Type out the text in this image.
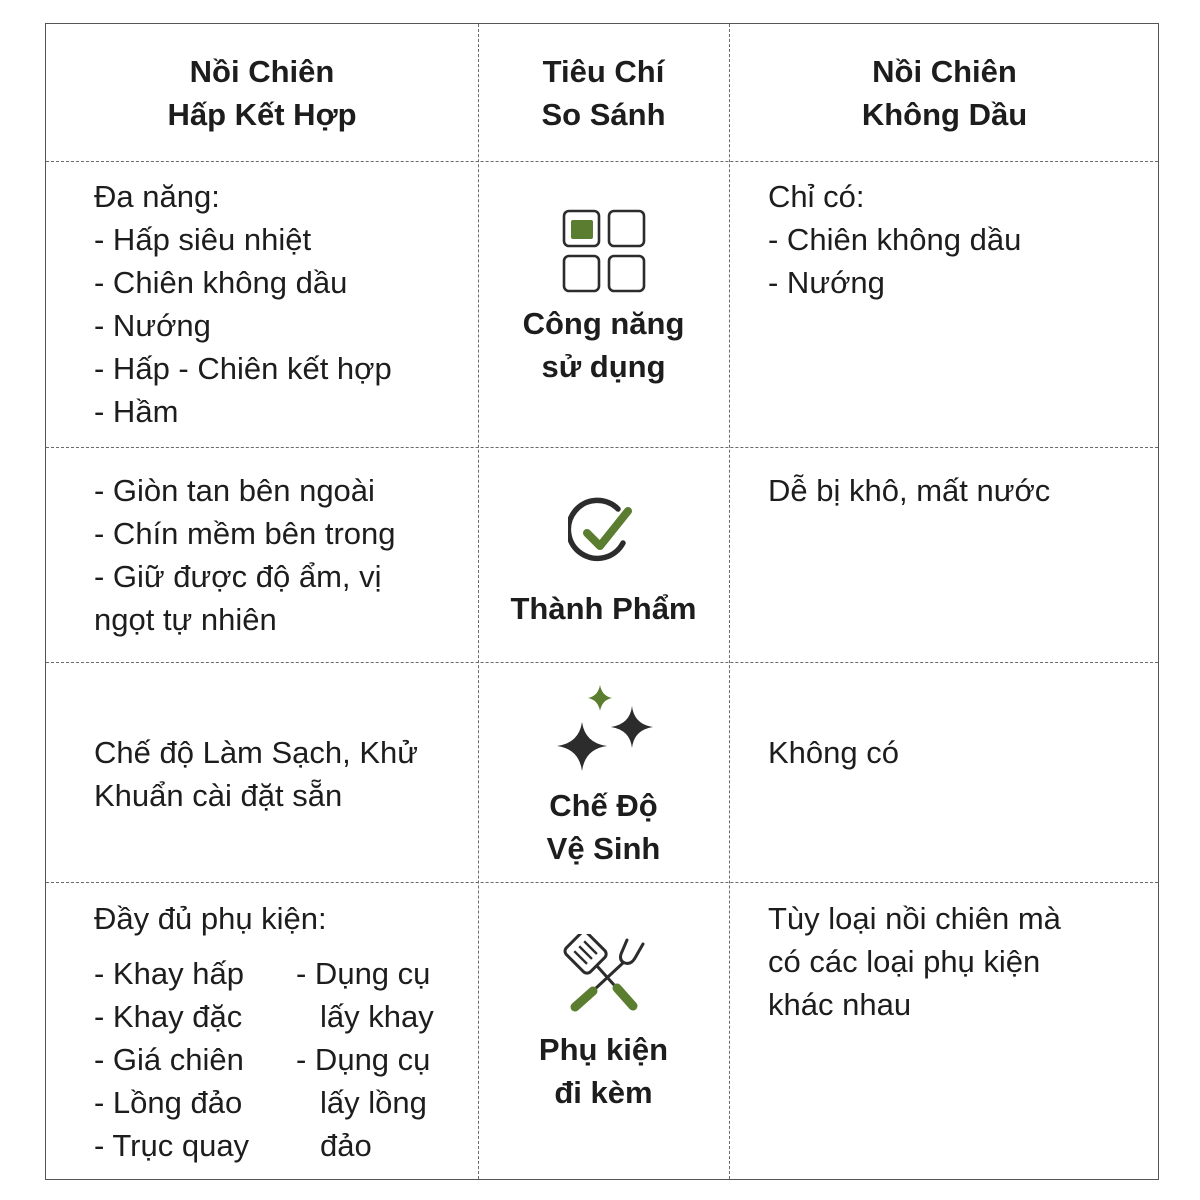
Nồi Chiên
Hấp Kết Hợp
Tiêu Chí
So Sánh
Nồi Chiên
Không Dầu
Đa năng:
- Hấp siêu nhiệt
- Chiên không dầu
- Nướng
- Hấp - Chiên kết hợp
- Hầm
Công năng
sử dụng
Chỉ có:
- Chiên không dầu
- Nướng
- Giòn tan bên ngoài
- Chín mềm bên trong
- Giữ được độ ẩm, vị
ngọt tự nhiên	Thành Phẩm
Dễ bị khô, mất nước
Chế độ Làm Sạch, Khử
Khuẩn cài đặt sẵn	Chế Độ
Vệ Sinh
Không có
Đầy đủ phụ kiện:
- Khay hấp
- Khay đặc
- Giá chiên
- Lồng đảo
- Trục quay
- Dụng cụ
lấy khay
- Dụng cụ
lấy lồng
đảo
Phụ kiện
đi kèm
Tùy loại nồi chiên mà
có các loại phụ kiện
khác nhau
